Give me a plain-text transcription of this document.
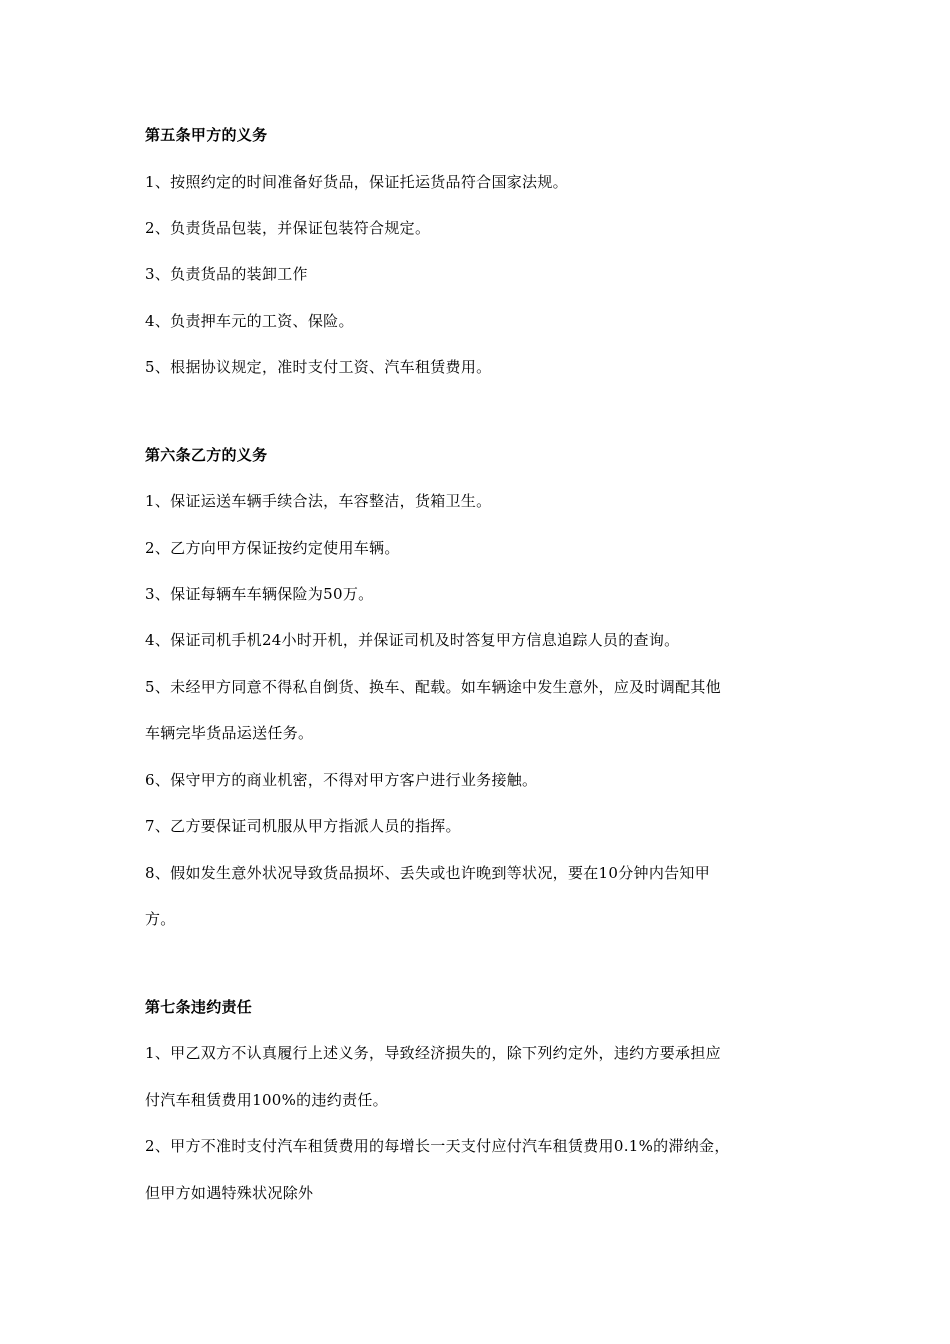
第五条甲方的义务
1、按照约定的时间准备好货品，保证托运货品符合国家法规。
2、负责货品包装，并保证包装符合规定。
3、负责货品的装卸工作
4、负责押车元的工资、保险。
5、根据协议规定，准时支付工资、汽车租赁费用。
第六条乙方的义务
1、保证运送车辆手续合法，车容整洁，货箱卫生。
2、乙方向甲方保证按约定使用车辆。
3、保证每辆车车辆保险为50万。
4、保证司机手机24小时开机，并保证司机及时答复甲方信息追踪人员的查询。
5、未经甲方同意不得私自倒货、换车、配载。如车辆途中发生意外，应及时调配其他
车辆完毕货品运送任务。
6、保守甲方的商业机密，不得对甲方客户进行业务接触。
7、乙方要保证司机服从甲方指派人员的指挥。
8、假如发生意外状况导致货品损坏、丢失或也许晚到等状况，要在10分钟内告知甲
方。
第七条违约责任
1、甲乙双方不认真履行上述义务，导致经济损失的，除下列约定外，违约方要承担应
付汽车租赁费用100%的违约责任。
2、甲方不准时支付汽车租赁费用的每增长一天支付应付汽车租赁费用0.1%的滞纳金，
但甲方如遇特殊状况除外
